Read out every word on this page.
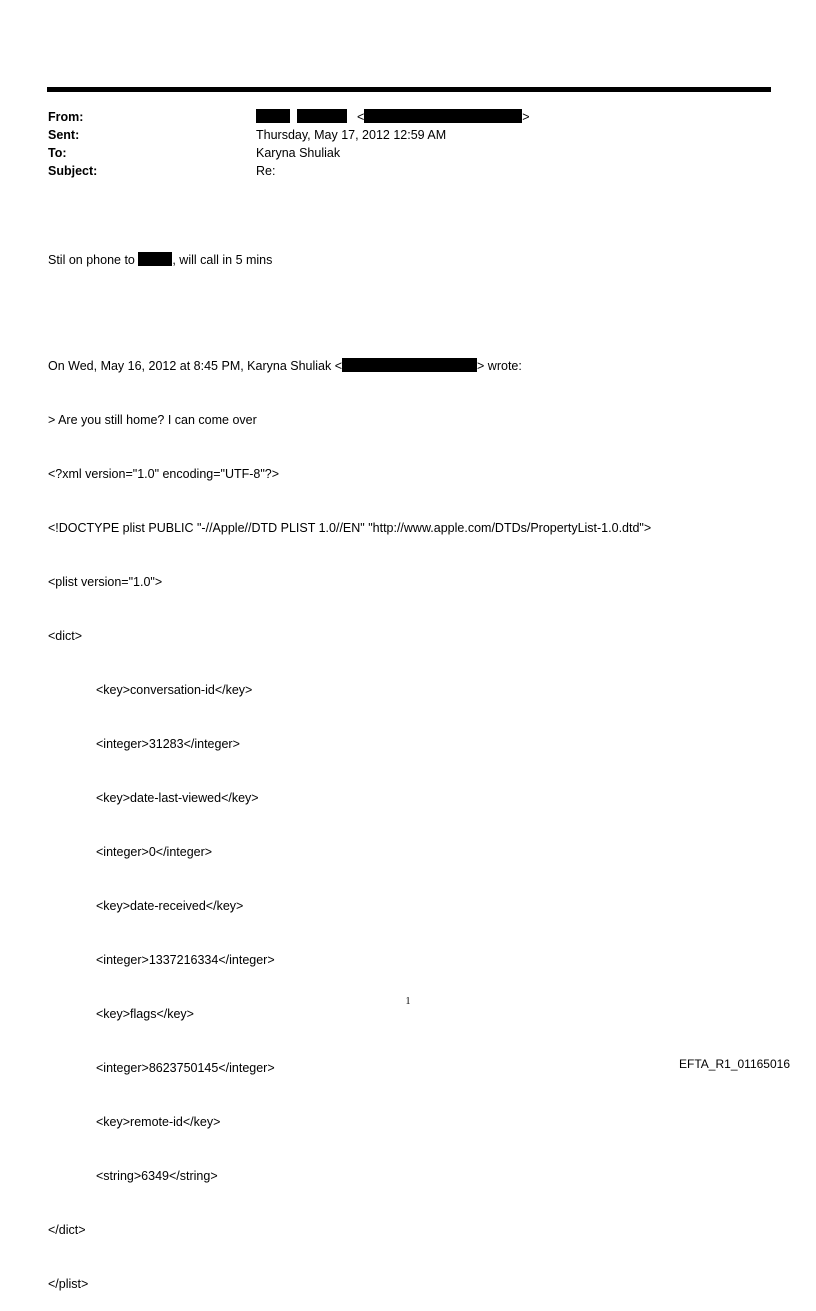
From:	<	>
Sent:	Thursday, May 17, 2012 12:59 AM
To:	Karyna Shuliak
Subject:	Re:

Stil on phone to	, will call in 5 mins

On Wed, May 16, 2012 at 8:45 PM, Karyna Shuliak <	> wrote:

> Are you still home? I can come over

<?xml version="1.0" encoding="UTF-8"?>

<!DOCTYPE plist PUBLIC "-//Apple//DTD PLIST 1.0//EN" "http://www.apple.com/DTDs/PropertyList-1.0.dtd">

<plist version="1.0">

<dict>

<key>conversation-id</key>

<integer>31283</integer>

<key>date-last-viewed</key>

<integer>0</integer>

<key>date-received</key>

<integer>1337216334</integer>

<key>flags</key>

<integer>8623750145</integer>

<key>remote-id</key>

<string>6349</string>

</dict>

</plist>

1
EFTA_R1_01165016
